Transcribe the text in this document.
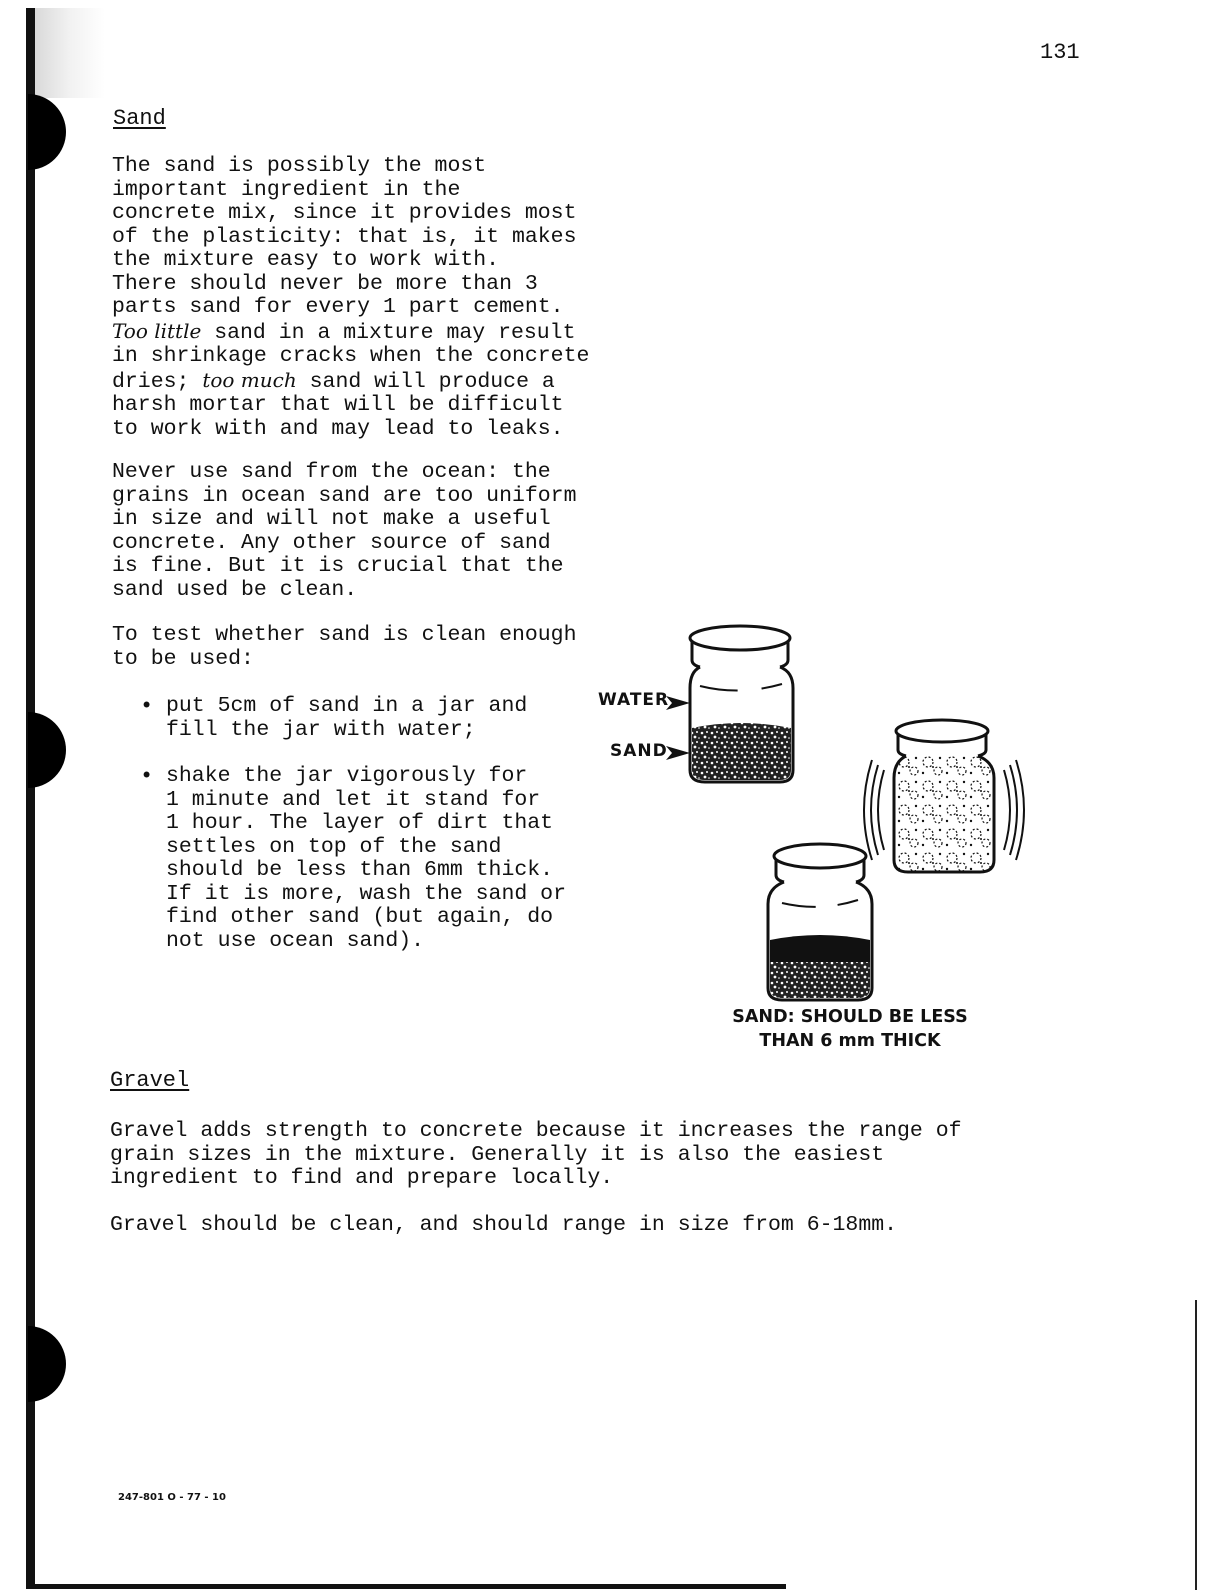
131
Sand

The sand is possibly the most
important ingredient in the
concrete mix, since it provides most
of the plasticity: that is, it makes
the mixture easy to work with.
There should never be more than 3
parts sand for every 1 part cement.
Too little sand in a mixture may result
in shrinkage cracks when the concrete
dries; too much sand will produce a
harsh mortar that will be difficult
to work with and may lead to leaks.

Never use sand from the ocean: the
grains in ocean sand are too uniform
in size and will not make a useful
concrete. Any other source of sand
is fine. But it is crucial that the
sand used be clean.

To test whether sand is clean enough
to be used:

• put 5cm of sand in a jar and
fill the jar with water;
• shake the jar vigorously for
1 minute and let it stand for
1 hour. The layer of dirt that
settles on top of the sand
should be less than 6mm thick.
If it is more, wash the sand or
find other sand (but again, do
not use ocean sand).
WATER
SAND
SAND: SHOULD BE LESS
THAN 6 mm THICK
Gravel

Gravel adds strength to concrete because it increases the range of
grain sizes in the mixture. Generally it is also the easiest
ingredient to find and prepare locally.

Gravel should be clean, and should range in size from 6-18mm.

247-801 O - 77 - 10
